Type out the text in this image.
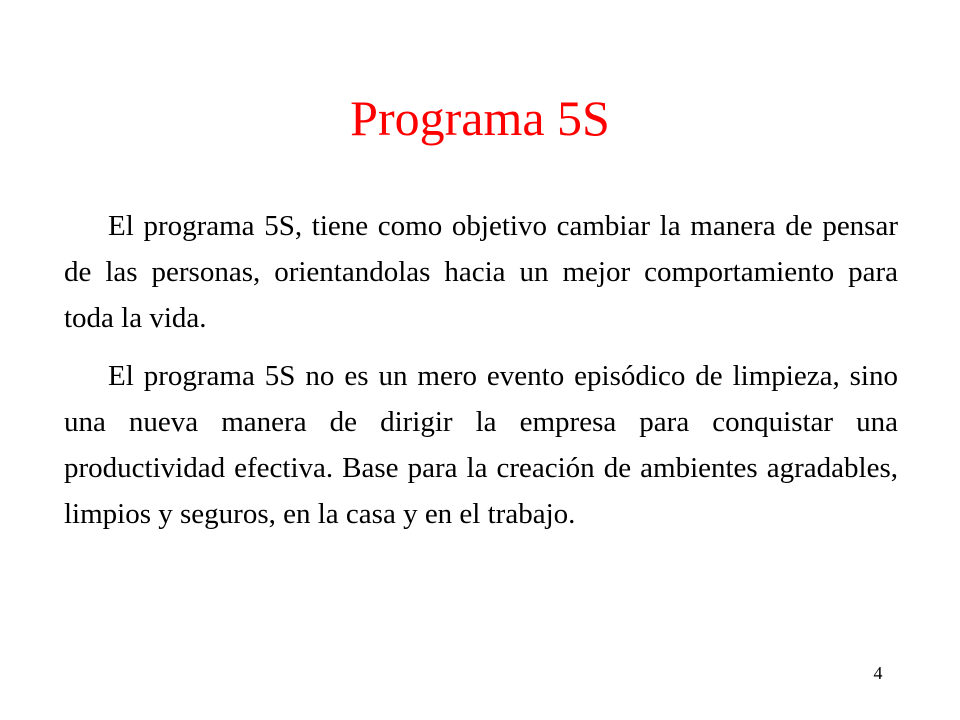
Programa 5S

El programa 5S, tiene como objetivo cambiar la manera de pensar de las personas, orientandolas hacia un mejor comportamiento para toda la vida.

El programa 5S no es un mero evento episódico de limpieza, sino una nueva manera de dirigir la empresa para conquistar una productividad efectiva. Base para la creación de ambientes agradables, limpios y seguros, en la casa y en el trabajo.

4
